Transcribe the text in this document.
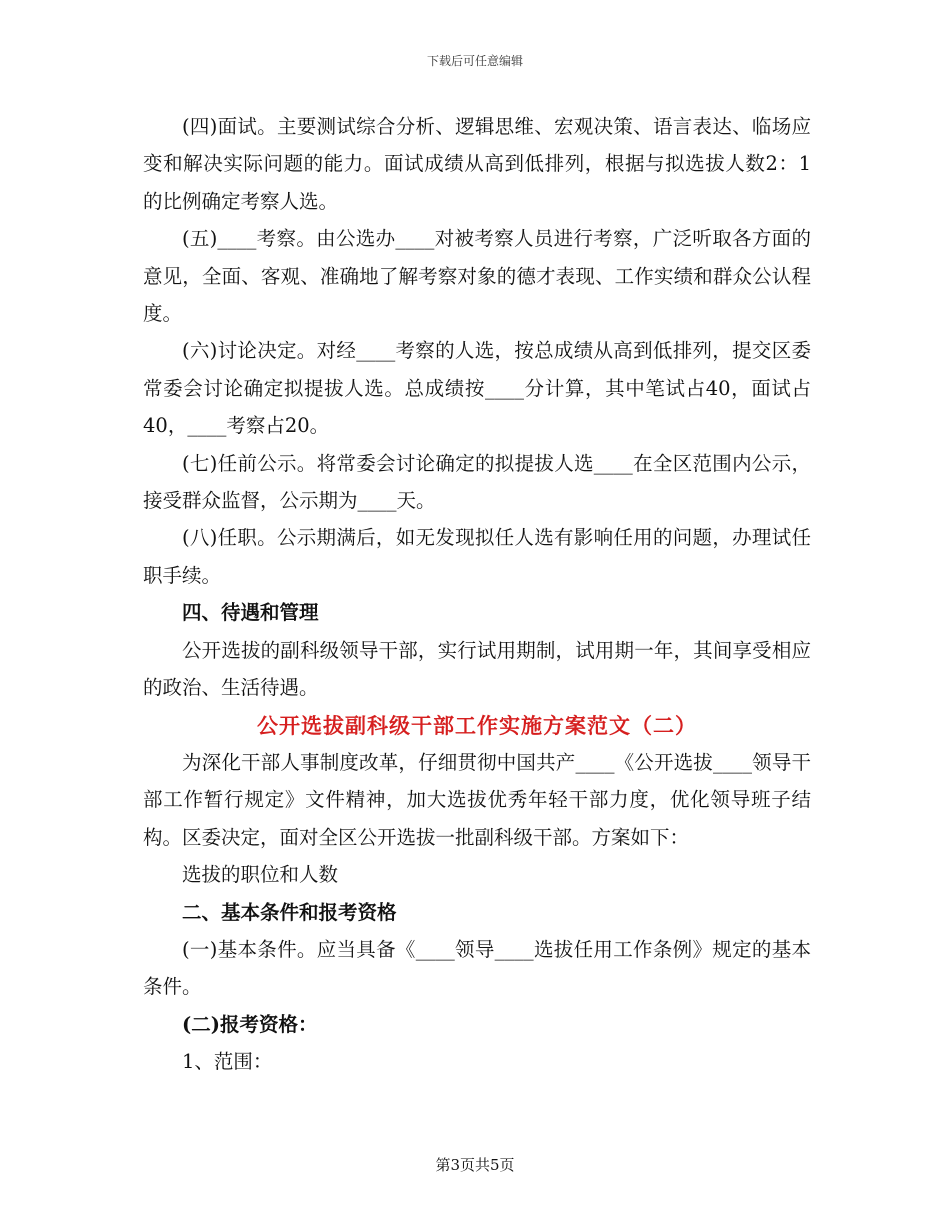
下载后可任意编辑

(四)面试。主要测试综合分析、逻辑思维、宏观决策、语言表达、临场应变和解决实际问题的能力。面试成绩从高到低排列，根据与拟选拔人数2：1的比例确定考察人选。

(五)____考察。由公选办____对被考察人员进行考察，广泛听取各方面的意见，全面、客观、准确地了解考察对象的德才表现、工作实绩和群众公认程度。

(六)讨论决定。对经____考察的人选，按总成绩从高到低排列，提交区委常委会讨论确定拟提拔人选。总成绩按____分计算，其中笔试占40，面试占40，____考察占20。

(七)任前公示。将常委会讨论确定的拟提拔人选____在全区范围内公示，接受群众监督，公示期为____天。

(八)任职。公示期满后，如无发现拟任人选有影响任用的问题，办理试任职手续。

四、待遇和管理

公开选拔的副科级领导干部，实行试用期制，试用期一年，其间享受相应的政治、生活待遇。

公开选拔副科级干部工作实施方案范文（二）

为深化干部人事制度改革，仔细贯彻中国共产____《公开选拔____领导干部工作暂行规定》文件精神，加大选拔优秀年轻干部力度，优化领导班子结构。区委决定，面对全区公开选拔一批副科级干部。方案如下：

选拔的职位和人数

二、基本条件和报考资格

(一)基本条件。应当具备《____领导____选拔任用工作条例》规定的基本条件。

(二)报考资格：

1、范围：

第3页共5页
